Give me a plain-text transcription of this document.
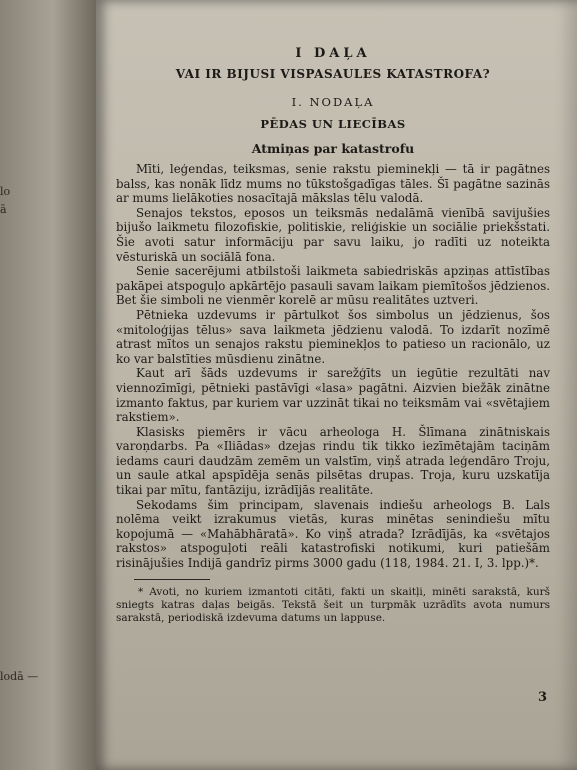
lo
ā
lodā —
I DAĻA
VAI IR BIJUSI VISPASAULES KATASTROFA?
I. NODAĻA
PĒDAS UN LIECĪBAS
Atmiņas par katastrofu

Mīti, leģendas, teiksmas, senie rakstu pieminekļi — tā ir pagātnes balss, kas nonāk līdz mums no tūkstošgadīgas tāles. Šī pagātne sazinās ar mums lielākoties nosacītajā mākslas tēlu valodā.

Senajos tekstos, eposos un teiksmās nedalāmā vienībā savijušies bijušo laikmetu filozofiskie, politiskie, reliģiskie un sociālie priekšstati. Šie avoti satur informāciju par savu laiku, jo radīti uz noteikta vēsturiskā un sociālā fona.

Senie sacerējumi atbilstoši laikmeta sabiedriskās apziņas attīstības pakāpei atspoguļo apkārtējo pasauli savam laikam piemītošos jēdzienos. Bet šie simboli ne vienmēr korelē ar mūsu realitātes uztveri.

Pētnieka uzdevums ir pārtulkot šos simbolus un jēdzienus, šos «mitoloģijas tēlus» sava laikmeta jēdzienu valodā. To izdarīt nozīmē atrast mītos un senajos rakstu pieminekļos to patieso un racionālo, uz ko var balstīties mūsdienu zinātne.

Kaut arī šāds uzdevums ir sarežģīts un iegūtie rezultāti nav viennozīmīgi, pētnieki pastāvīgi «lasa» pagātni. Aizvien biežāk zinātne izmanto faktus, par kuriem var uzzināt tikai no teiksmām vai «svētajiem rakstiem».

Klasisks piemērs ir vācu arheologa H. Šlīmana zinātniskais varoņdarbs. Pa «Iliādas» dzejas rindu tik tikko iezīmētajām taciņām iedams cauri daudzām zemēm un valstīm, viņš atrada leģendāro Troju, un saule atkal apspīdēja senās pilsētas drupas. Troja, kuru uzskatīja tikai par mītu, fantāziju, izrādījās realitāte.

Sekodams šim principam, slavenais indiešu arheologs B. Lals nolēma veikt izrakumus vietās, kuras minētas senindiešu mītu kopojumā — «Mahābhāratā». Ko viņš atrada? Izrādījās, ka «svētajos rakstos» atspoguļoti reāli katastrofiski notikumi, kuri patiešām risinājušies Indijā gandrīz pirms 3000 gadu (118, 1984. 21. I, 3. lpp.)*.

* Avoti, no kuriem izmantoti citāti, fakti un skaitļi, minēti sarakstā, kurš sniegts katras daļas beigās. Tekstā šeit un turpmāk uzrādīts avota numurs sarakstā, periodiskā izdevuma datums un lappuse.

3
